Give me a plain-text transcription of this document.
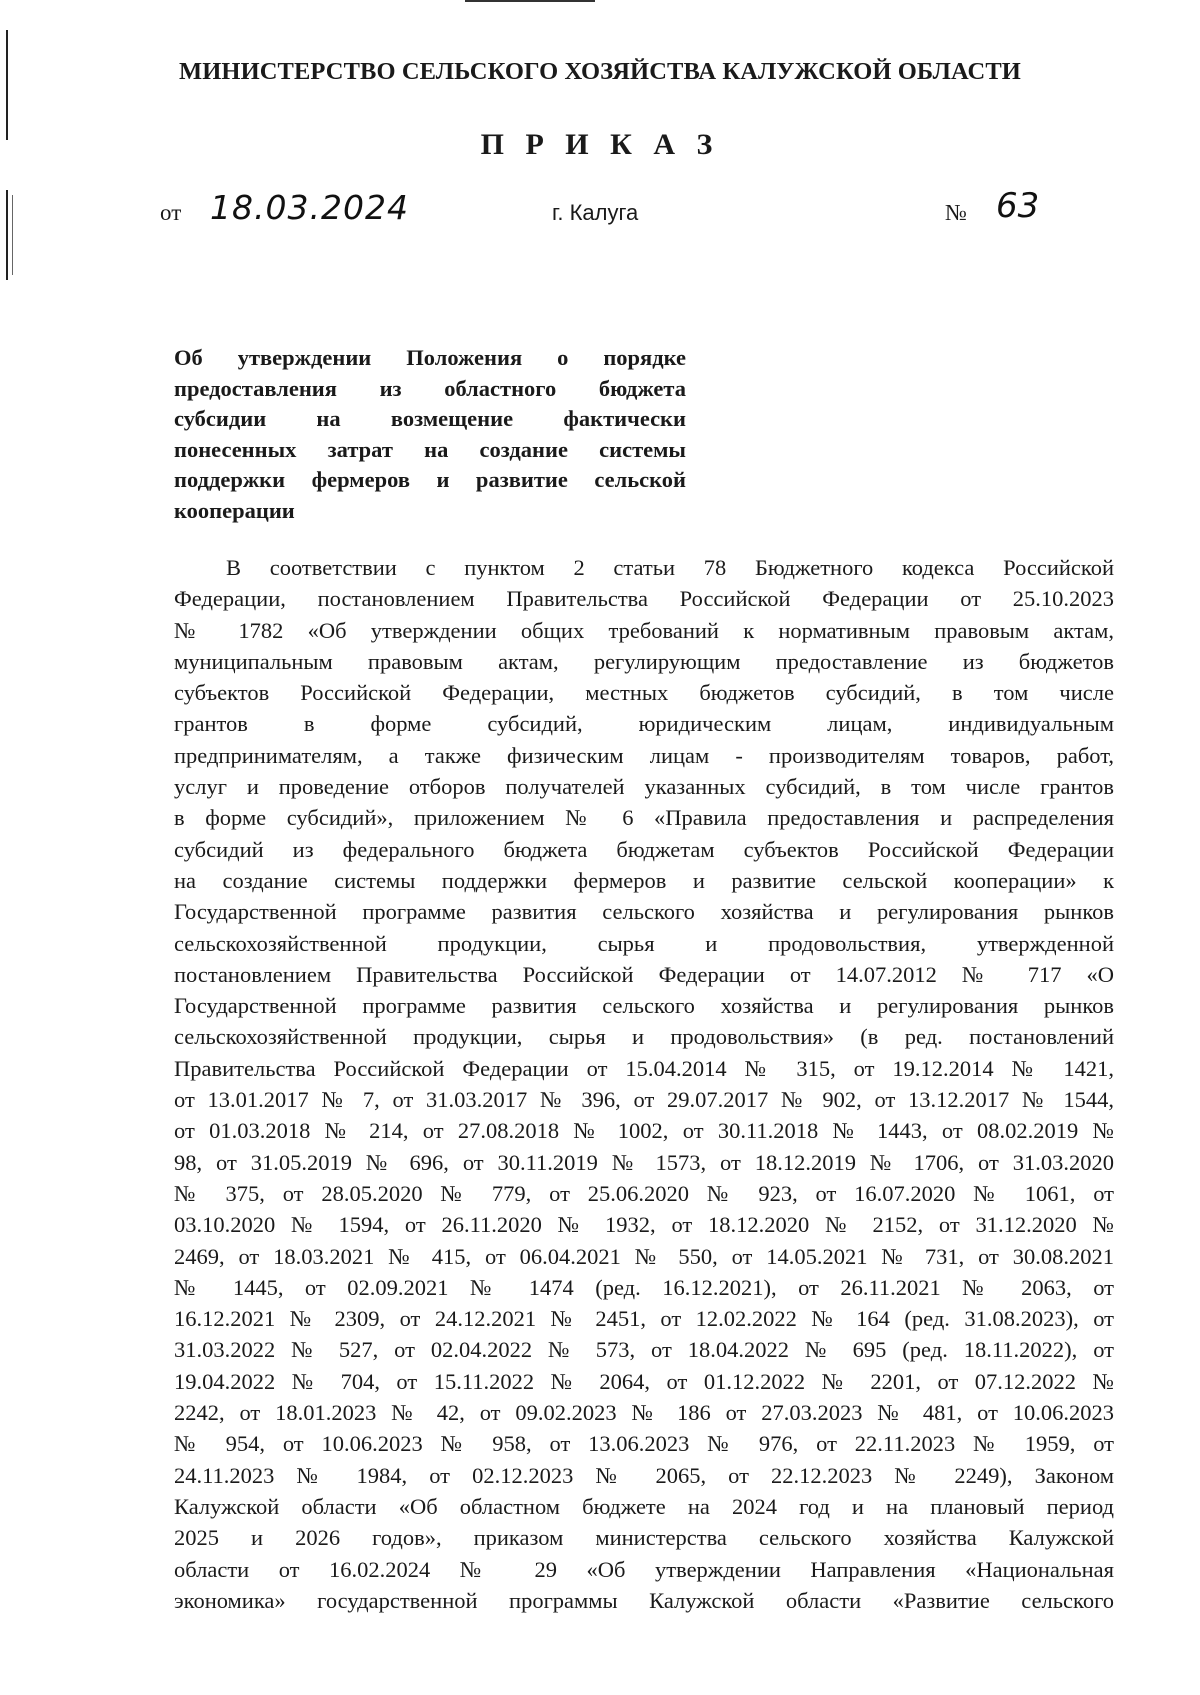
МИНИСТЕРСТВО СЕЛЬСКОГО ХОЗЯЙСТВА КАЛУЖСКОЙ ОБЛАСТИ
П Р И К А З
от 18.03.2024	г. Калуга	№ 63
Об утверждении Положения о порядке
предоставления из областного бюджета
субсидии на возмещение фактически
понесенных затрат на создание системы
поддержки фермеров и развитие сельской
кооперации
В соответствии с пунктом 2 статьи 78 Бюджетного кодекса Российской
Федерации, постановлением Правительства Российской Федерации от 25.10.2023
№ 1782 «Об утверждении общих требований к нормативным правовым актам,
муниципальным правовым актам, регулирующим предоставление из бюджетов
субъектов Российской Федерации, местных бюджетов субсидий, в том числе
грантов в форме субсидий, юридическим лицам, индивидуальным
предпринимателям, а также физическим лицам - производителям товаров, работ,
услуг и проведение отборов получателей указанных субсидий, в том числе грантов
в форме субсидий», приложением № 6 «Правила предоставления и распределения
субсидий из федерального бюджета бюджетам субъектов Российской Федерации
на создание системы поддержки фермеров и развитие сельской кооперации» к
Государственной программе развития сельского хозяйства и регулирования рынков
сельскохозяйственной продукции, сырья и продовольствия, утвержденной
постановлением Правительства Российской Федерации от 14.07.2012 № 717 «О
Государственной программе развития сельского хозяйства и регулирования рынков
сельскохозяйственной продукции, сырья и продовольствия» (в ред. постановлений
Правительства Российской Федерации от 15.04.2014 № 315, от 19.12.2014 № 1421,
от 13.01.2017 № 7, от 31.03.2017 № 396, от 29.07.2017 № 902, от 13.12.2017 № 1544,
от 01.03.2018 № 214, от 27.08.2018 № 1002, от 30.11.2018 № 1443, от 08.02.2019 №
98, от 31.05.2019 № 696, от 30.11.2019 № 1573, от 18.12.2019 № 1706, от 31.03.2020
№ 375, от 28.05.2020 № 779, от 25.06.2020 № 923, от 16.07.2020 № 1061, от
03.10.2020 № 1594, от 26.11.2020 № 1932, от 18.12.2020 № 2152, от 31.12.2020 №
2469, от 18.03.2021 № 415, от 06.04.2021 № 550, от 14.05.2021 № 731, от 30.08.2021
№ 1445, от 02.09.2021 № 1474 (ред. 16.12.2021), от 26.11.2021 № 2063, от
16.12.2021 № 2309, от 24.12.2021 № 2451, от 12.02.2022 № 164 (ред. 31.08.2023), от
31.03.2022 № 527, от 02.04.2022 № 573, от 18.04.2022 № 695 (ред. 18.11.2022), от
19.04.2022 № 704, от 15.11.2022 № 2064, от 01.12.2022 № 2201, от 07.12.2022 №
2242, от 18.01.2023 № 42, от 09.02.2023 № 186 от 27.03.2023 № 481, от 10.06.2023
№ 954, от 10.06.2023 № 958, от 13.06.2023 № 976, от 22.11.2023 № 1959, от
24.11.2023 № 1984, от 02.12.2023 № 2065, от 22.12.2023 № 2249), Законом
Калужской области «Об областном бюджете на 2024 год и на плановый период
2025 и 2026 годов», приказом министерства сельского хозяйства Калужской
области от 16.02.2024 № 29 «Об утверждении Направления «Национальная
экономика» государственной программы Калужской области «Развитие сельского
